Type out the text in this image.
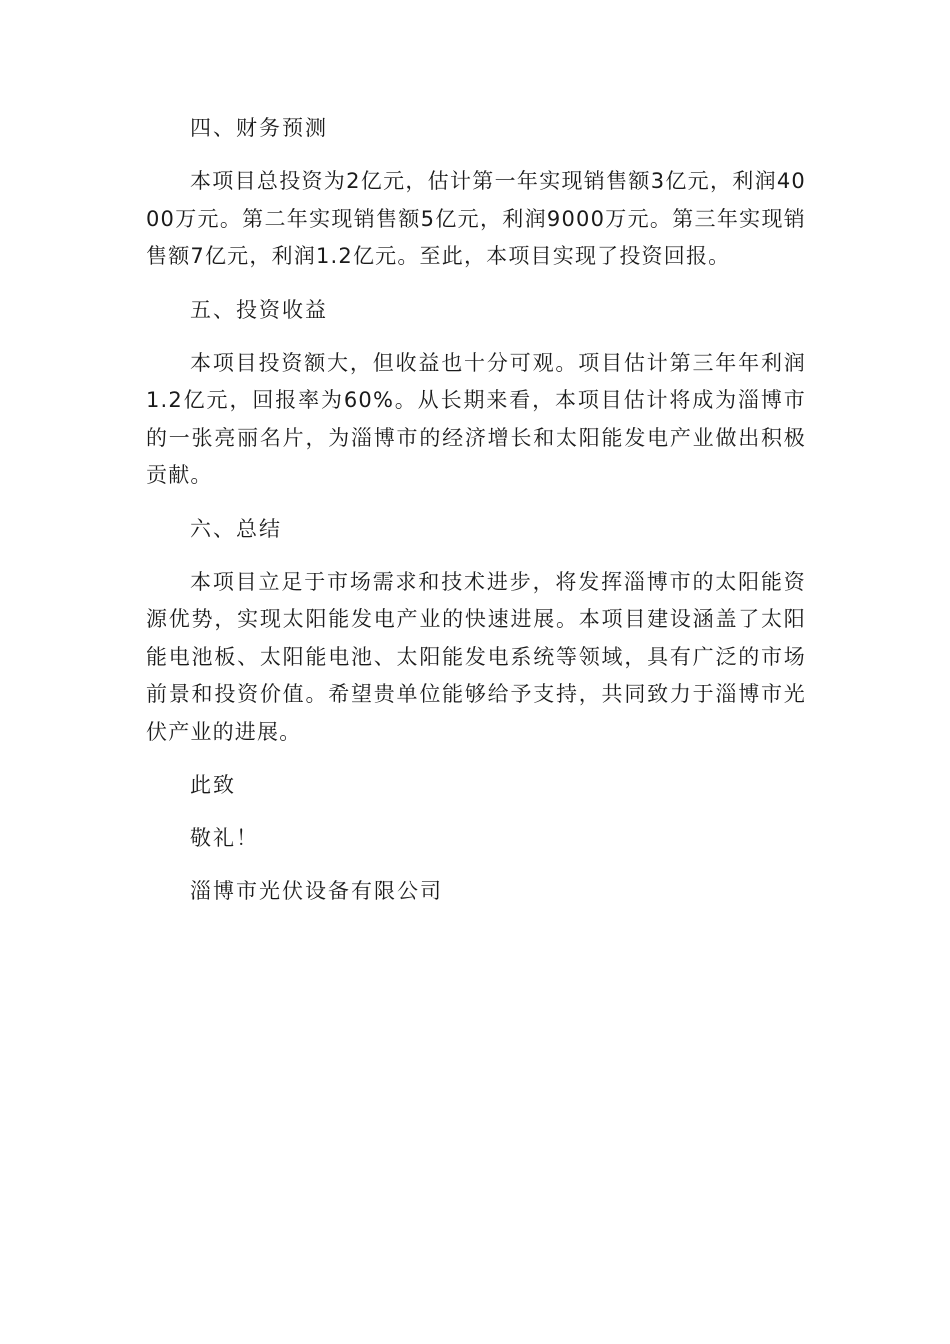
四、财务预测

本项目总投资为2亿元，估计第一年实现销售额3亿元，利润4000万元。第二年实现销售额5亿元，利润9000万元。第三年实现销售额7亿元，利润1.2亿元。至此，本项目实现了投资回报。

五、投资收益

本项目投资额大，但收益也十分可观。项目估计第三年年利润1.2亿元，回报率为60%。从长期来看，本项目估计将成为淄博市的一张亮丽名片，为淄博市的经济增长和太阳能发电产业做出积极贡献。

六、总结

本项目立足于市场需求和技术进步，将发挥淄博市的太阳能资源优势，实现太阳能发电产业的快速进展。本项目建设涵盖了太阳能电池板、太阳能电池、太阳能发电系统等领域，具有广泛的市场前景和投资价值。希望贵单位能够给予支持，共同致力于淄博市光伏产业的进展。

此致
敬礼！
淄博市光伏设备有限公司
